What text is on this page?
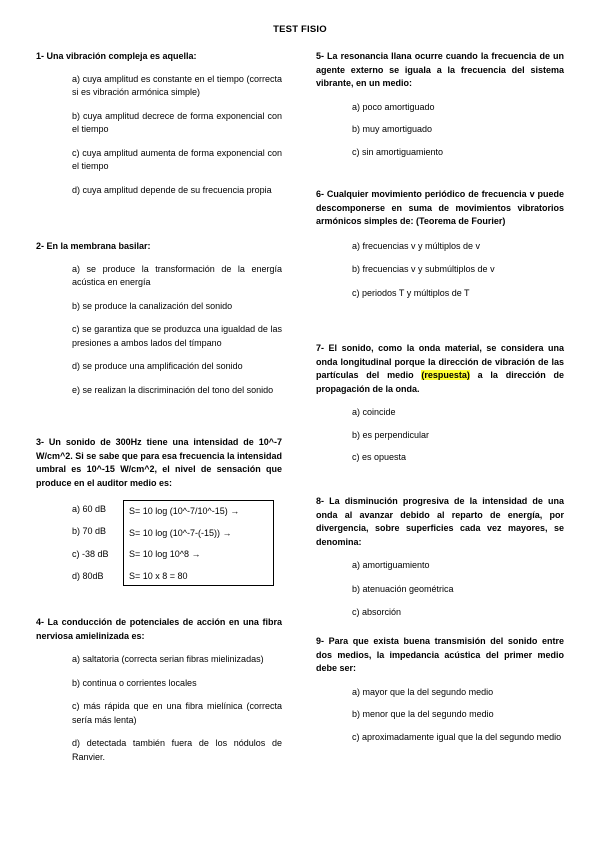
TEST FISIO

1- Una vibración compleja es aquella:

a) cuya amplitud es constante en el tiempo (correcta si es vibración armónica simple)
b) cuya amplitud decrece de forma exponencial con el tiempo
c) cuya amplitud aumenta de forma exponencial con el tiempo
d) cuya amplitud depende de su frecuencia propia

2- En la membrana basilar:

a) se produce la transformación de la energía acústica en energía
b) se produce la canalización del sonido
c) se garantiza que se produzca una igualdad de las presiones a ambos lados del tímpano
d) se produce una amplificación del sonido
e) se realizan la discriminación del tono del sonido

3- Un sonido de 300Hz tiene una intensidad de 10^-7 W/cm^2. Si se sabe que para esa frecuencia la intensidad umbral es 10^-15 W/cm^2, el nivel de sensación que produce en el auditor medio es:

a) 60 dB
b) 70 dB
c) -38 dB
d) 80dB
S= 10 log (10^-7/10^-15) →
S= 10 log (10^-7-(-15)) →
S= 10 log 10^8 →
S= 10 x 8 = 80

4- La conducción de potenciales de acción en una fibra nerviosa amielinizada es:

a) saltatoria (correcta serian fibras mielinizadas)
b) continua o corrientes locales
c) más rápida que en una fibra mielínica (correcta sería más lenta)
d) detectada también fuera de los nódulos de Ranvier.

5- La resonancia llana ocurre cuando la frecuencia de un agente externo se iguala a la frecuencia del sistema vibrante, en un medio:

a) poco amortiguado
b) muy amortiguado
c) sin amortiguamiento

6- Cualquier movimiento periódico de frecuencia v puede descomponerse en suma de movimientos vibratorios armónicos simples de: (Teorema de Fourier)

a) frecuencias v y múltiplos de v
b) frecuencias v y submúltiplos de v
c) periodos T y múltiplos de T

7- El sonido, como la onda material, se considera una onda longitudinal porque la dirección de vibración de las partículas del medio (respuesta) a la dirección de propagación de la onda.

a) coincide
b) es perpendicular
c) es opuesta

8- La disminución progresiva de la intensidad de una onda al avanzar debido al reparto de energía, por divergencia, sobre superficies cada vez mayores, se denomina:

a) amortiguamiento
b) atenuación geométrica
c) absorción

9- Para que exista buena transmisión del sonido entre dos medios, la impedancia acústica del primer medio debe ser:

a) mayor que la del segundo medio
b) menor que la del segundo medio
c) aproximadamente igual que la del segundo medio
